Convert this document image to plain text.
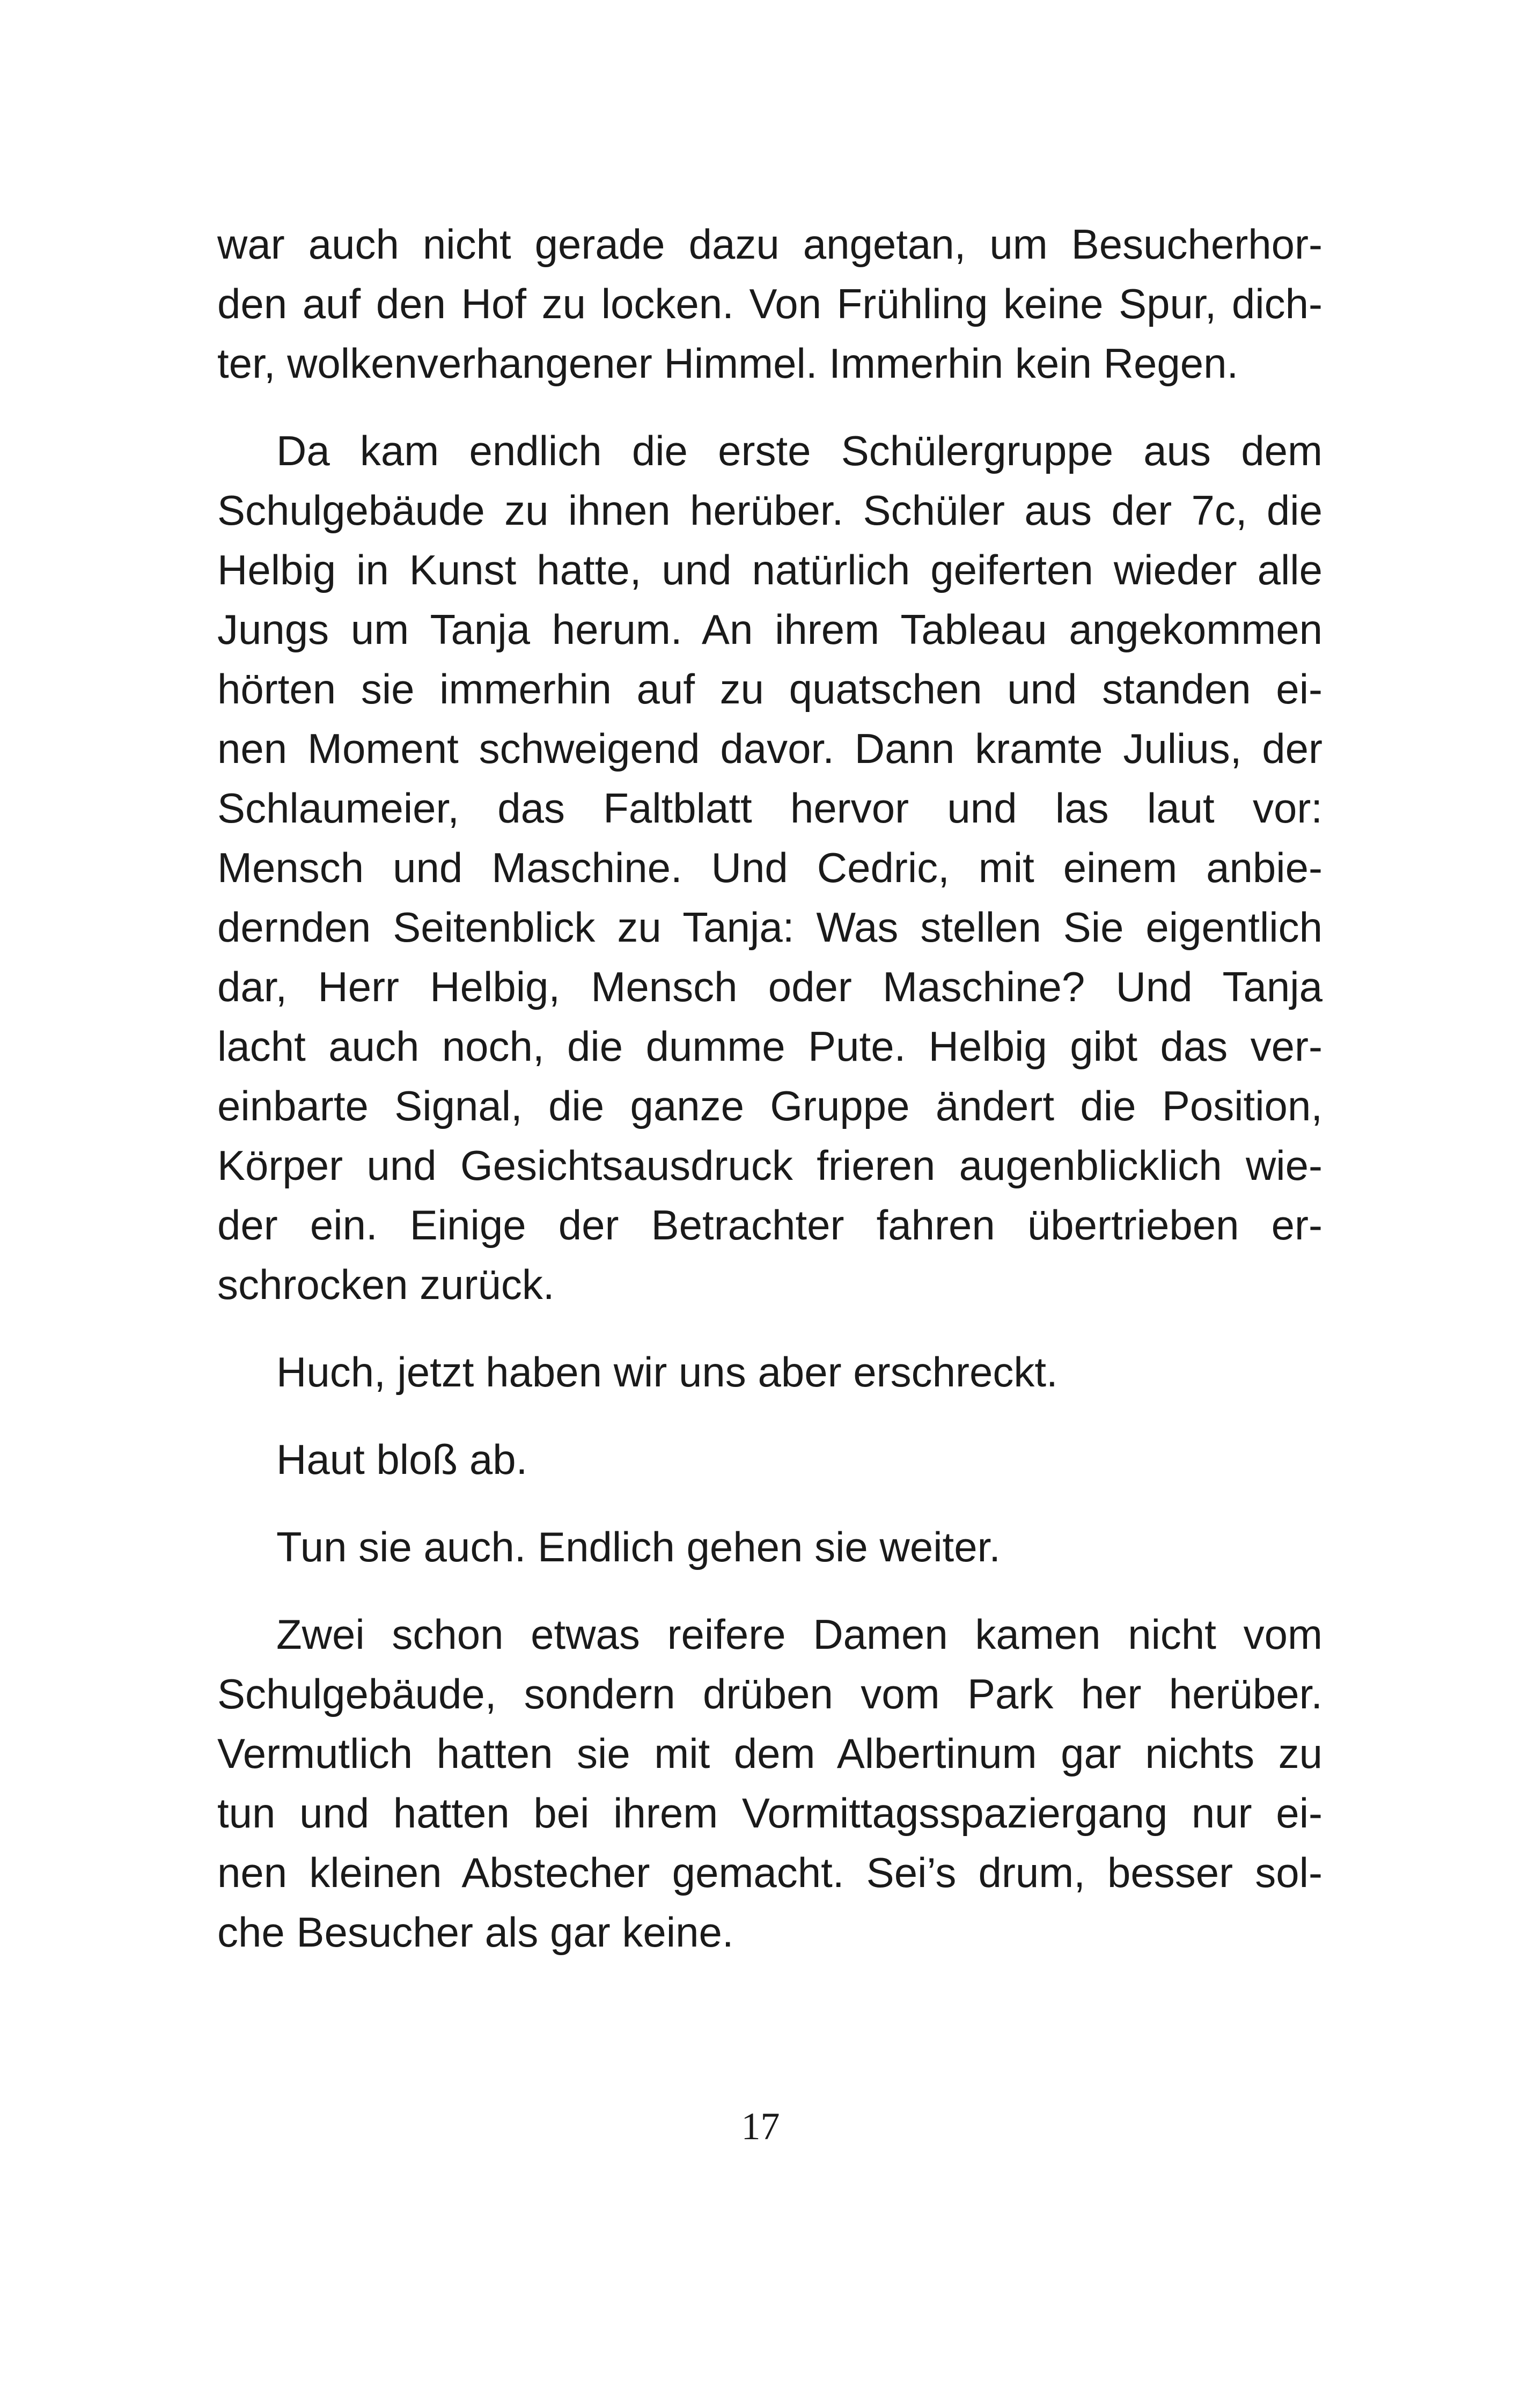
war auch nicht gerade dazu angetan, um Besucherhor-
den auf den Hof zu locken. Von Frühling keine Spur, dich-
ter, wolkenverhangener Himmel. Immerhin kein Regen.
Da kam endlich die erste Schülergruppe aus dem
Schulgebäude zu ihnen herüber. Schüler aus der 7c, die
Helbig in Kunst hatte, und natürlich geiferten wieder alle
Jungs um Tanja herum. An ihrem Tableau angekommen
hörten sie immerhin auf zu quatschen und standen ei-
nen Moment schweigend davor. Dann kramte Julius, der
Schlaumeier, das Faltblatt hervor und las laut vor:
Mensch und Maschine. Und Cedric, mit einem anbie-
dernden Seitenblick zu Tanja: Was stellen Sie eigentlich
dar, Herr Helbig, Mensch oder Maschine? Und Tanja
lacht auch noch, die dumme Pute. Helbig gibt das ver-
einbarte Signal, die ganze Gruppe ändert die Position,
Körper und Gesichtsausdruck frieren augenblicklich wie-
der ein. Einige der Betrachter fahren übertrieben er-
schrocken zurück.
Huch, jetzt haben wir uns aber erschreckt.
Haut bloß ab.
Tun sie auch. Endlich gehen sie weiter.
Zwei schon etwas reifere Damen kamen nicht vom
Schulgebäude, sondern drüben vom Park her herüber.
Vermutlich hatten sie mit dem Albertinum gar nichts zu
tun und hatten bei ihrem Vormittagsspaziergang nur ei-
nen kleinen Abstecher gemacht. Sei’s drum, besser sol-
che Besucher als gar keine.
17
